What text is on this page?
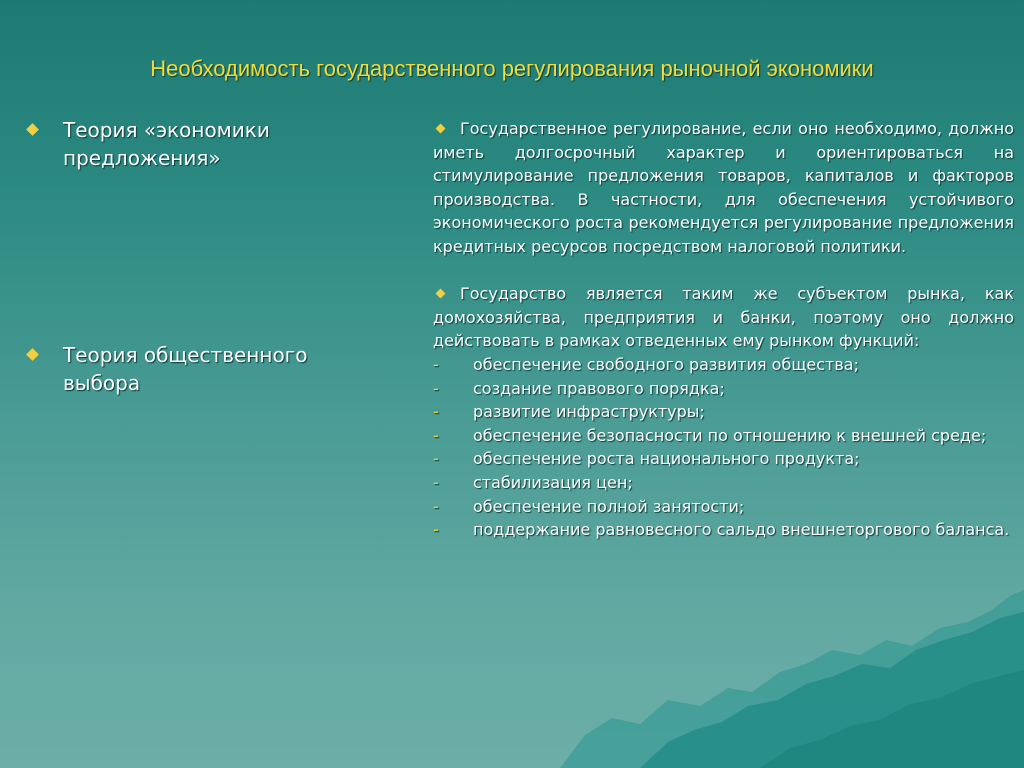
Необходимость государственного регулирования рыночной экономики
Теория «экономики предложения»
Теория общественного выбора

Государственное регулирование, если оно необходимо, должно иметь долгосрочный характер и ориентироваться на стимулирование предложения товаров, капиталов и факторов производства. В частности, для обеспечения устойчивого экономического роста рекомендуется регулирование предложения кредитных ресурсов посредством налоговой политики.

Государство является таким же субъектом рынка, как домохозяйства, предприятия и банки, поэтому оно должно действовать в рамках отведенных ему рынком функций:

- обеспечение свободного развития общества;

- создание правового порядка;

- развитие инфраструктуры;

- обеспечение безопасности по отношению к внешней среде;

- обеспечение роста национального продукта;

- стабилизация цен;

- обеспечение полной занятости;

- поддержание равновесного сальдо внешнеторгового баланса.
